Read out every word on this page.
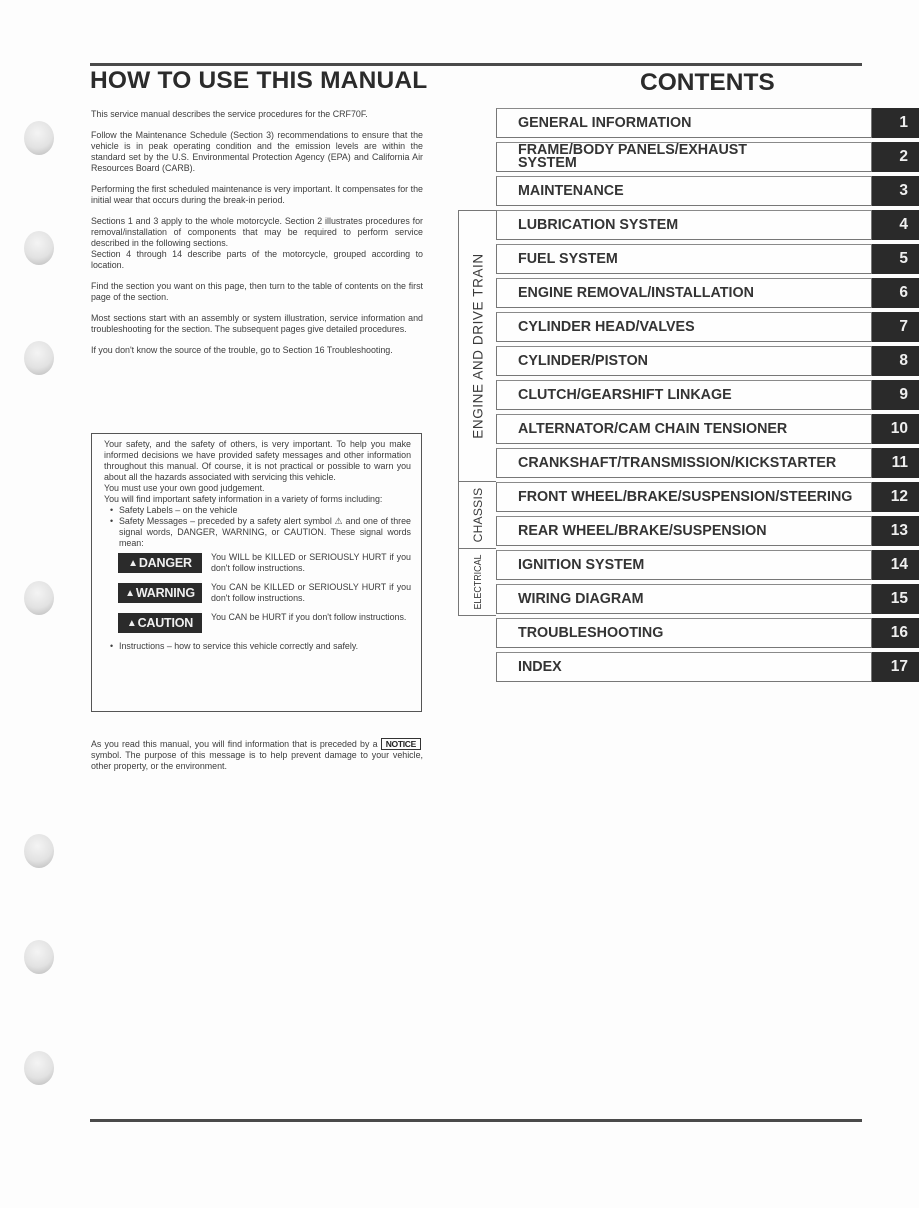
HOW TO USE THIS MANUAL

This service manual describes the service procedures for the CRF70F.

Follow the Maintenance Schedule (Section 3) recommendations to ensure that the vehicle is in peak operating condition and the emission levels are within the standard set by the U.S. Environmental Protection Agency (EPA) and California Air Resources Board (CARB).

Performing the first scheduled maintenance is very important. It compensates for the initial wear that occurs during the break-in period.

Sections 1 and 3 apply to the whole motorcycle. Section 2 illustrates procedures for removal/installation of components that may be required to perform service described in the following sections.

Section 4 through 14 describe parts of the motorcycle, grouped according to location.

Find the section you want on this page, then turn to the table of contents on the first page of the section.

Most sections start with an assembly or system illustration, service information and troubleshooting for the section. The subsequent pages give detailed procedures.

If you don't know the source of the trouble, go to Section 16 Troubleshooting.

Your safety, and the safety of others, is very important. To help you make informed decisions we have provided safety messages and other information throughout this manual. Of course, it is not practical or possible to warn you about all the hazards associated with servicing this vehicle.

You must use your own good judgement.

You will find important safety information in a variety of forms including:

• Safety Labels – on the vehicle
• Safety Messages – preceded by a safety alert symbol ⚠ and one of three signal words, DANGER, WARNING, or CAUTION. These signal words mean:
▲ DANGER You WILL be KILLED or SERIOUSLY HURT if you don't follow instructions.
▲ WARNING You CAN be KILLED or SERIOUSLY HURT if you don't follow instructions.
▲ CAUTION You CAN be HURT if you don't follow instructions.
• Instructions – how to service this vehicle correctly and safely.

As you read this manual, you will find information that is preceded by a NOTICE symbol. The purpose of this message is to help prevent damage to your vehicle, other property, or the environment.

CONTENTS
ENGINE AND DRIVE TRAIN
CHASSIS
ELECTRICAL
GENERAL INFORMATION	1
FRAME/BODY PANELS/EXHAUST
SYSTEM	2
MAINTENANCE	3
LUBRICATION SYSTEM	4
FUEL SYSTEM	5
ENGINE REMOVAL/INSTALLATION	6
CYLINDER HEAD/VALVES	7
CYLINDER/PISTON	8
CLUTCH/GEARSHIFT LINKAGE	9
ALTERNATOR/CAM CHAIN TENSIONER	10
CRANKSHAFT/TRANSMISSION/KICKSTARTER	11
FRONT WHEEL/BRAKE/SUSPENSION/STEERING	12
REAR WHEEL/BRAKE/SUSPENSION	13
IGNITION SYSTEM	14
WIRING DIAGRAM	15
TROUBLESHOOTING	16
INDEX	17
